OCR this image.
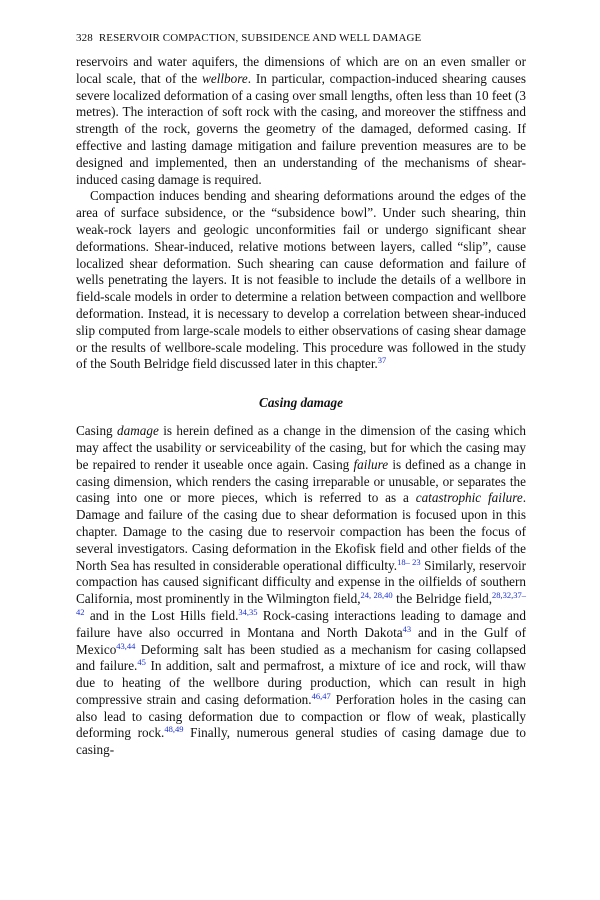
328 RESERVOIR COMPACTION, SUBSIDENCE AND WELL DAMAGE

reservoirs and water aquifers, the dimensions of which are on an even smaller or local scale, that of the wellbore. In particular, compaction-induced shearing causes severe localized deformation of a casing over small lengths, often less than 10 feet (3 metres). The interaction of soft rock with the casing, and moreover the stiffness and strength of the rock, governs the geometry of the damaged, deformed casing. If effective and lasting damage mitigation and failure prevention measures are to be designed and implemented, then an understanding of the mechanisms of shear-induced casing damage is required.

Compaction induces bending and shearing deformations around the edges of the area of surface subsidence, or the “subsidence bowl”. Under such shearing, thin weak-rock layers and geologic unconformities fail or undergo significant shear deformations. Shear-induced, relative motions between layers, called “slip”, cause localized shear deformation. Such shearing can cause deformation and failure of wells penetrating the layers. It is not feasible to include the details of a wellbore in field-scale models in order to determine a relation between compaction and wellbore deformation. Instead, it is necessary to develop a correlation between shear-induced slip computed from large-scale models to either observations of casing shear damage or the results of wellbore-scale modeling. This procedure was followed in the study of the South Belridge field discussed later in this chapter.$^{37}$

Casing damage

Casing damage is herein defined as a change in the dimension of the casing which may affect the usability or serviceability of the casing, but for which the casing may be repaired to render it useable once again. Casing failure is defined as a change in casing dimension, which renders the casing irreparable or unusable, or separates the casing into one or more pieces, which is referred to as a catastrophic failure. Damage and failure of the casing due to shear deformation is focused upon in this chapter. Damage to the casing due to reservoir compaction has been the focus of several investigators. Casing deformation in the Ekofisk field and other fields of the North Sea has resulted in considerable operational difficulty.$^{18- 23}$ Similarly, reservoir compaction has caused significant difficulty and expense in the oilfields of southern California, most prominently in the Wilmington field,$^{24, 28,40}$ the Belridge field,$^{28,32,37-42}$ and in the Lost Hills field.$^{34,35}$ Rock-casing interactions leading to damage and failure have also occurred in Montana and North Dakota$^{43}$ and in the Gulf of Mexico$^{43,44}$ Deforming salt has been studied as a mechanism for casing collapsed and failure.$^{45}$ In addition, salt and permafrost, a mixture of ice and rock, will thaw due to heating of the wellbore during production, which can result in high compressive strain and casing deformation.$^{46,47}$ Perforation holes in the casing can also lead to casing deformation due to compaction or flow of weak, plastically deforming rock.$^{48,49}$ Finally, numerous general studies of casing damage due to casing-
